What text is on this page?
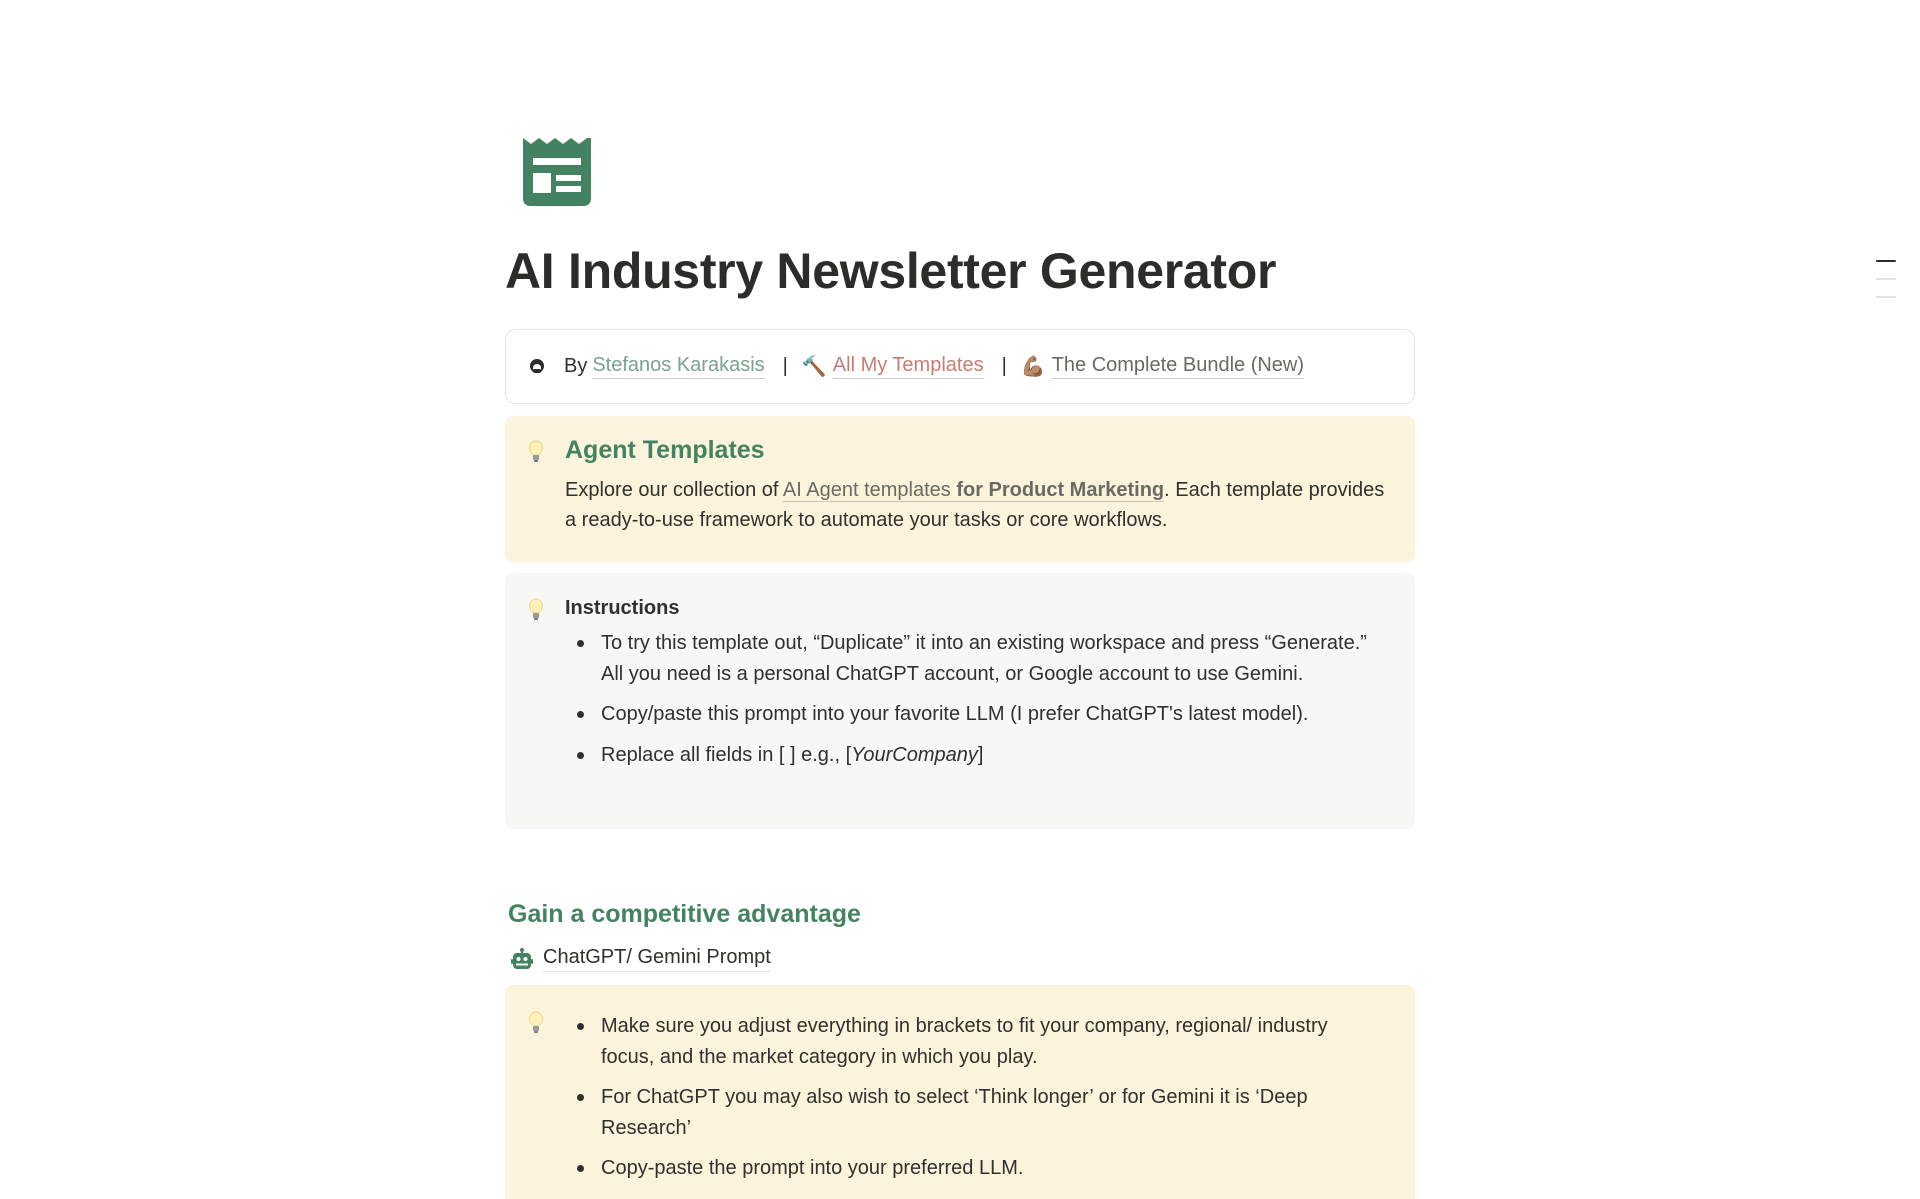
AI Industry Newsletter Generator
By Stefanos Karakasis | 🔨 All My Templates | 💪🏽 The Complete Bundle (New)
Agent Templates
Explore our collection of AI Agent templates for Product Marketing. Each template provides a ready-to-use framework to automate your tasks or core workflows.
Instructions
To try this template out, “Duplicate” it into an existing workspace and press “Generate.” All you need is a personal ChatGPT account, or Google account to use Gemini.
Copy/paste this prompt into your favorite LLM (I prefer ChatGPT's latest model).
Replace all fields in [ ] e.g., [YourCompany]
Gain a competitive advantage
ChatGPT/ Gemini Prompt
Make sure you adjust everything in brackets to fit your company, regional/ industry focus, and the market category in which you play.
For ChatGPT you may also wish to select ‘Think longer’ or for Gemini it is ‘Deep Research’
Copy-paste the prompt into your preferred LLM.
